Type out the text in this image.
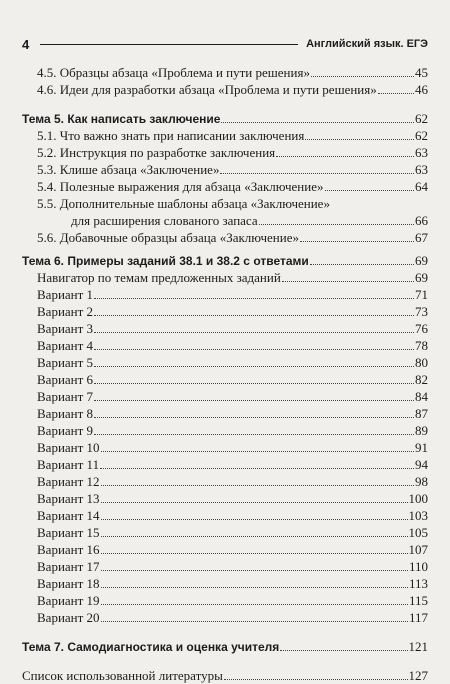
4	Английский язык. ЕГЭ
4.5. Образцы абзаца «Проблема и пути решения»	45
4.6. Идеи для разработки абзаца «Проблема и пути решения»	46
Тема 5. Как написать заключение	62
5.1. Что важно знать при написании заключения	62
5.2. Инструкция по разработке заключения	63
5.3. Клише абзаца «Заключение»	63
5.4. Полезные выражения для абзаца «Заключение»	64
5.5. Дополнительные шаблоны абзаца «Заключение»
для расширения слованого запаса	66
5.6. Добавочные образцы абзаца «Заключение»	67
Тема 6. Примеры заданий 38.1 и 38.2 с ответами	69
Навигатор по темам предложенных заданий	69
Вариант 1	71
Вариант 2	73
Вариант 3	76
Вариант 4	78
Вариант 5	80
Вариант 6	82
Вариант 7	84
Вариант 8	87
Вариант 9	89
Вариант 10	91
Вариант 11	94
Вариант 12	98
Вариант 13	100
Вариант 14	103
Вариант 15	105
Вариант 16	107
Вариант 17	110
Вариант 18	113
Вариант 19	115
Вариант 20	117
Тема 7. Самодиагностика и оценка учителя	121
Список использованной литературы	127
